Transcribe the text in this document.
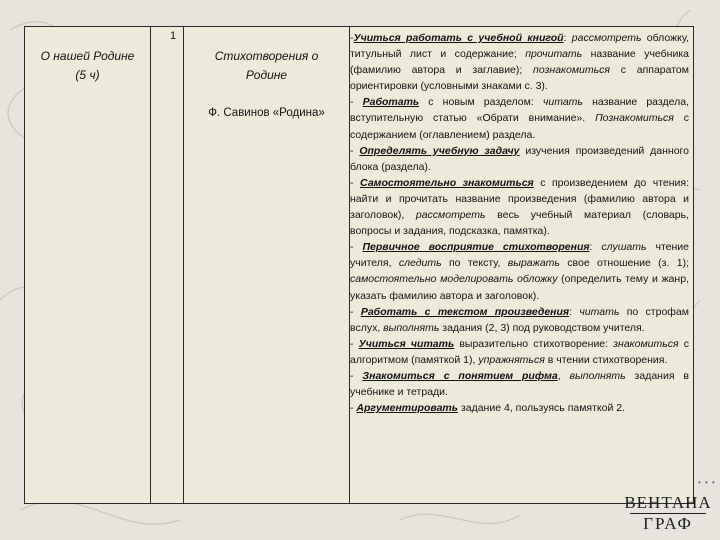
1
О нашей Родине
(5 ч)
Стихотворения о
Родине
Ф. Савинов «Родина»

-Учиться работать с учебной книгой: рассмотреть обложку, титульный лист и содержание; прочитать название учебника (фамилию автора и заглавие); познакомиться с аппаратом ориентировки (условными знаками с. 3).

- Работать с новым разделом: читать название раздела, вступительную статью «Обрати внимание». Познакомиться с содержанием (оглавлением) раздела.

- Определять учебную задачу изучения произведений данного блока (раздела).

- Самостоятельно знакомиться с произведением до чтения: найти и прочитать название произведения (фамилию автора и заголовок), рассмотреть весь учебный материал (словарь, вопросы и задания, подсказка, памятка).

- Первичное восприятие стихотворения: слушать чтение учителя, следить по тексту, выражать свое отношение (з. 1); самостоятельно моделировать обложку (определить тему и жанр, указать фамилию автора и заголовок).

- Работать с текстом произведения: читать по строфам вслух, выполнять задания (2, 3) под руководством учителя.

- Учиться читать выразительно стихотворение: знакомиться с алгоритмом (памяткой 1), упражняться в чтении стихотворения.

- Знакомиться с понятием рифма, выполнять задания в учебнике и тетради.

- Аргументировать задание 4, пользуясь памяткой 2.

• • •
ВЕНТАНА
ГРАФ
